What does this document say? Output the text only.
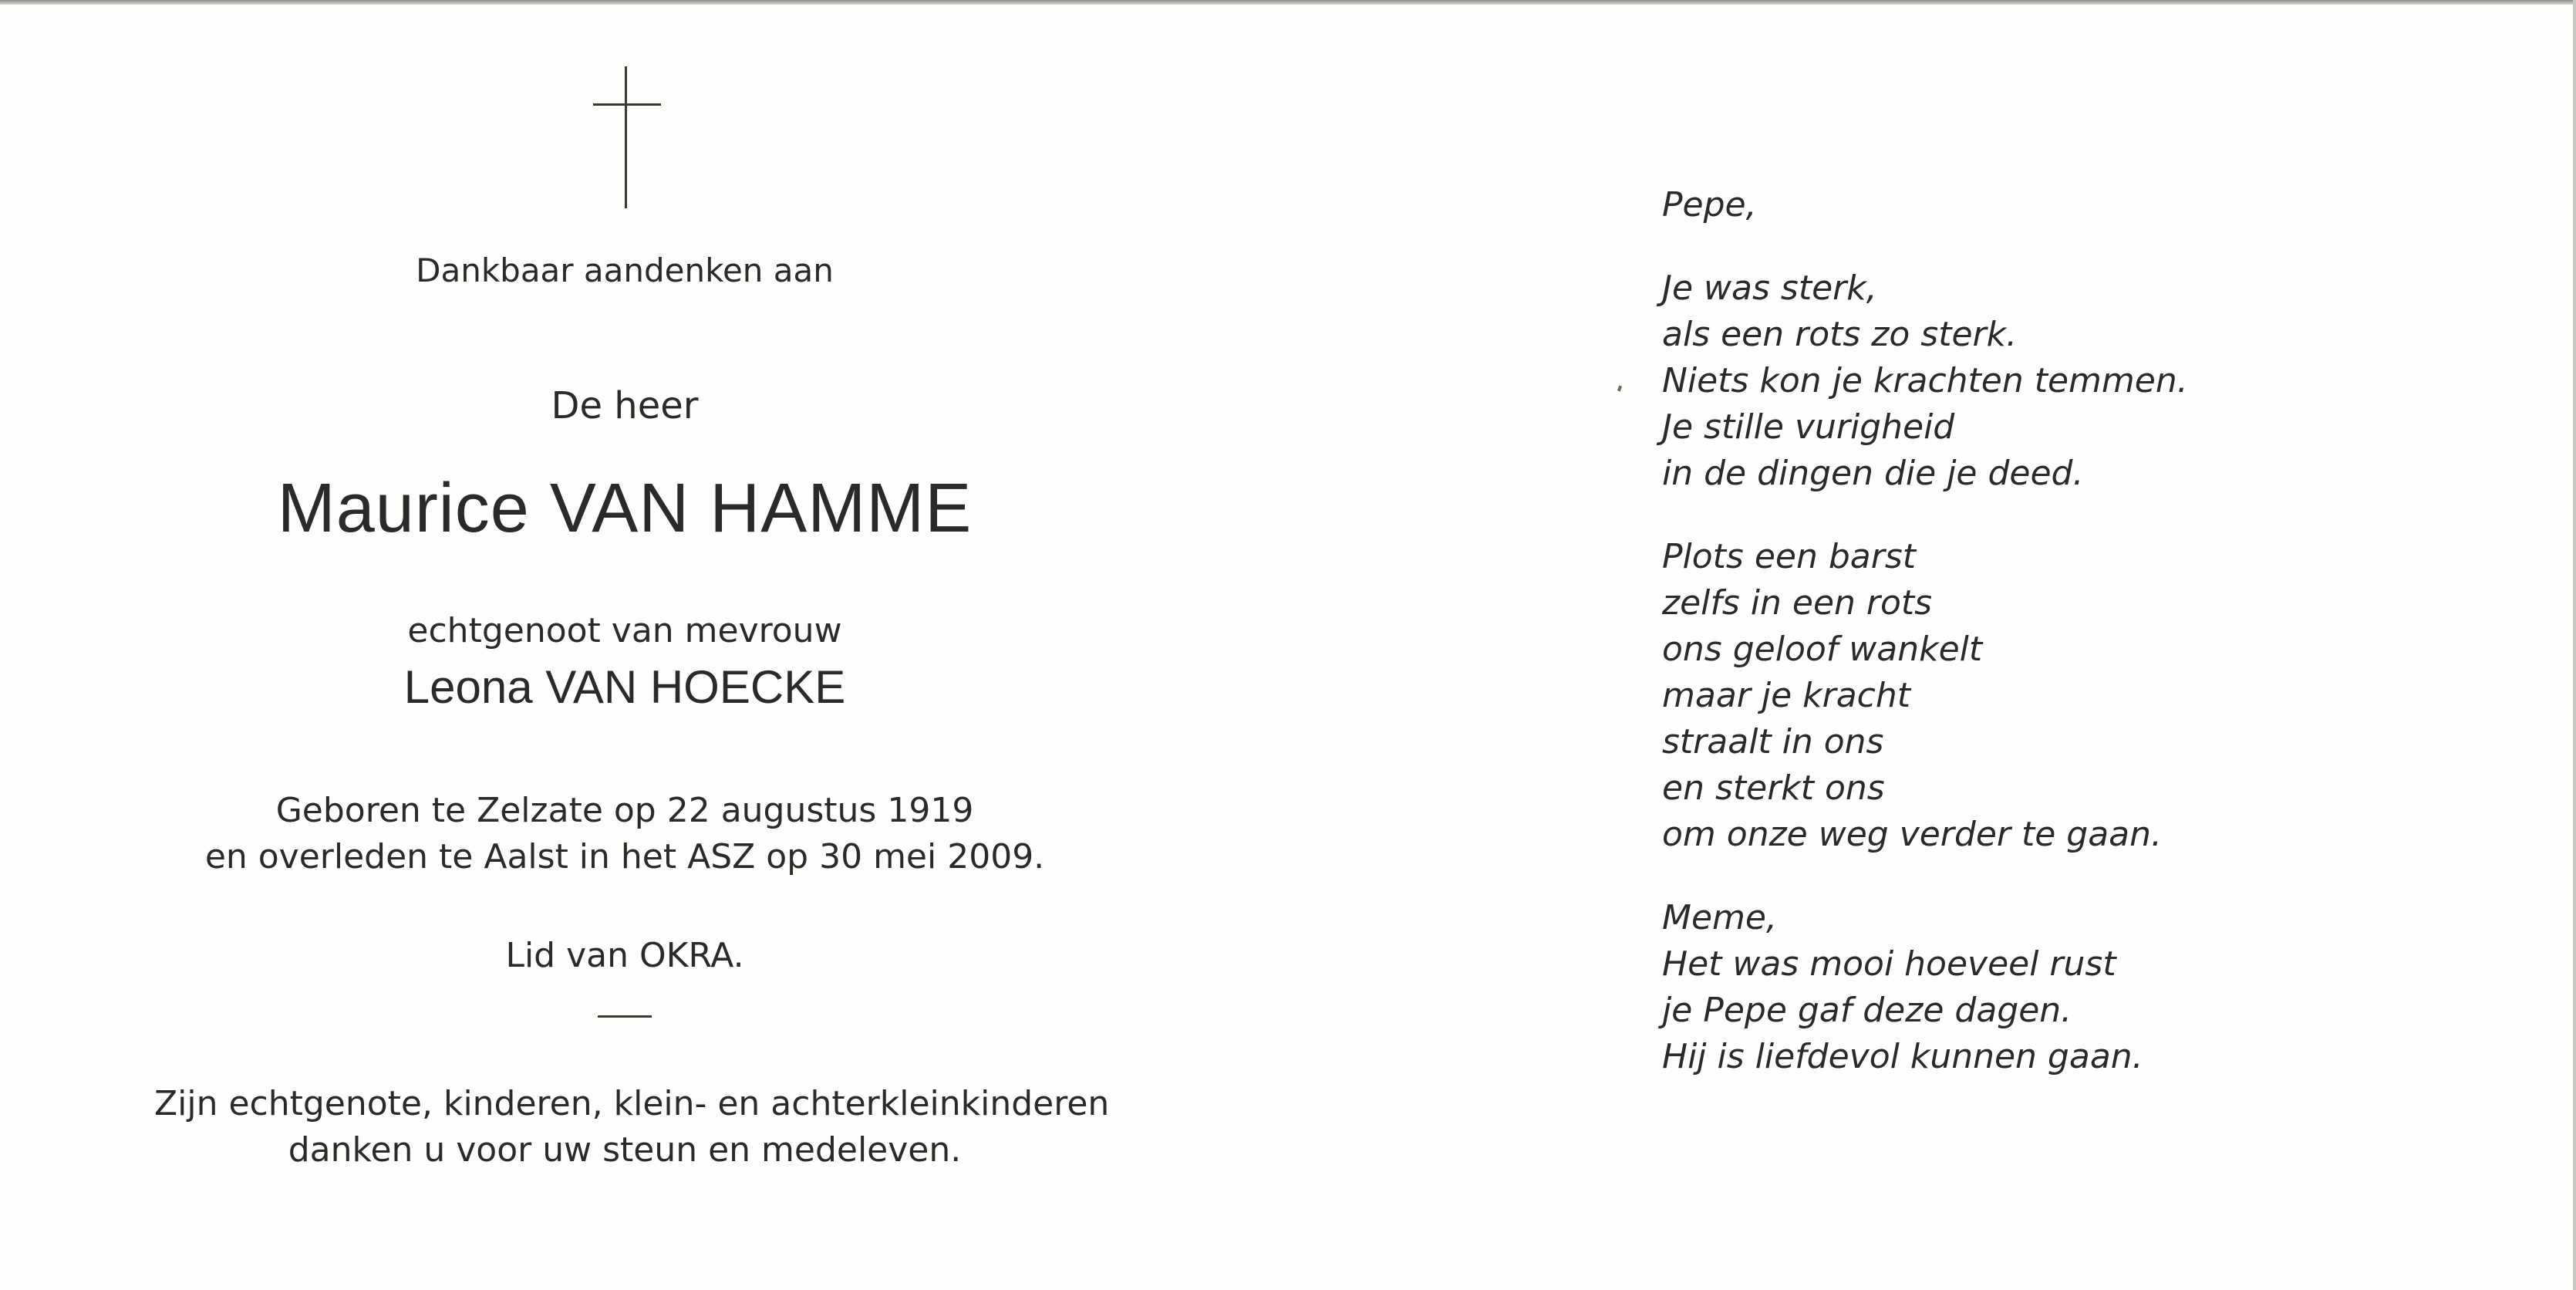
Dankbaar aandenken aan
De heer
Maurice VAN HAMME
echtgenoot van mevrouw
Leona VAN HOECKE
Geboren te Zelzate op 22 augustus 1919
en overleden te Aalst in het ASZ op 30 mei 2009.
Lid van OKRA.
Zijn echtgenote, kinderen, klein- en achterkleinkinderen
danken u voor uw steun en medeleven.
Pepe,
Je was sterk,
als een rots zo sterk.
Niets kon je krachten temmen.
Je stille vurigheid
in de dingen die je deed.
Plots een barst
zelfs in een rots
ons geloof wankelt
maar je kracht
straalt in ons
en sterkt ons
om onze weg verder te gaan.
Meme,
Het was mooi hoeveel rust
je Pepe gaf deze dagen.
Hij is liefdevol kunnen gaan.
